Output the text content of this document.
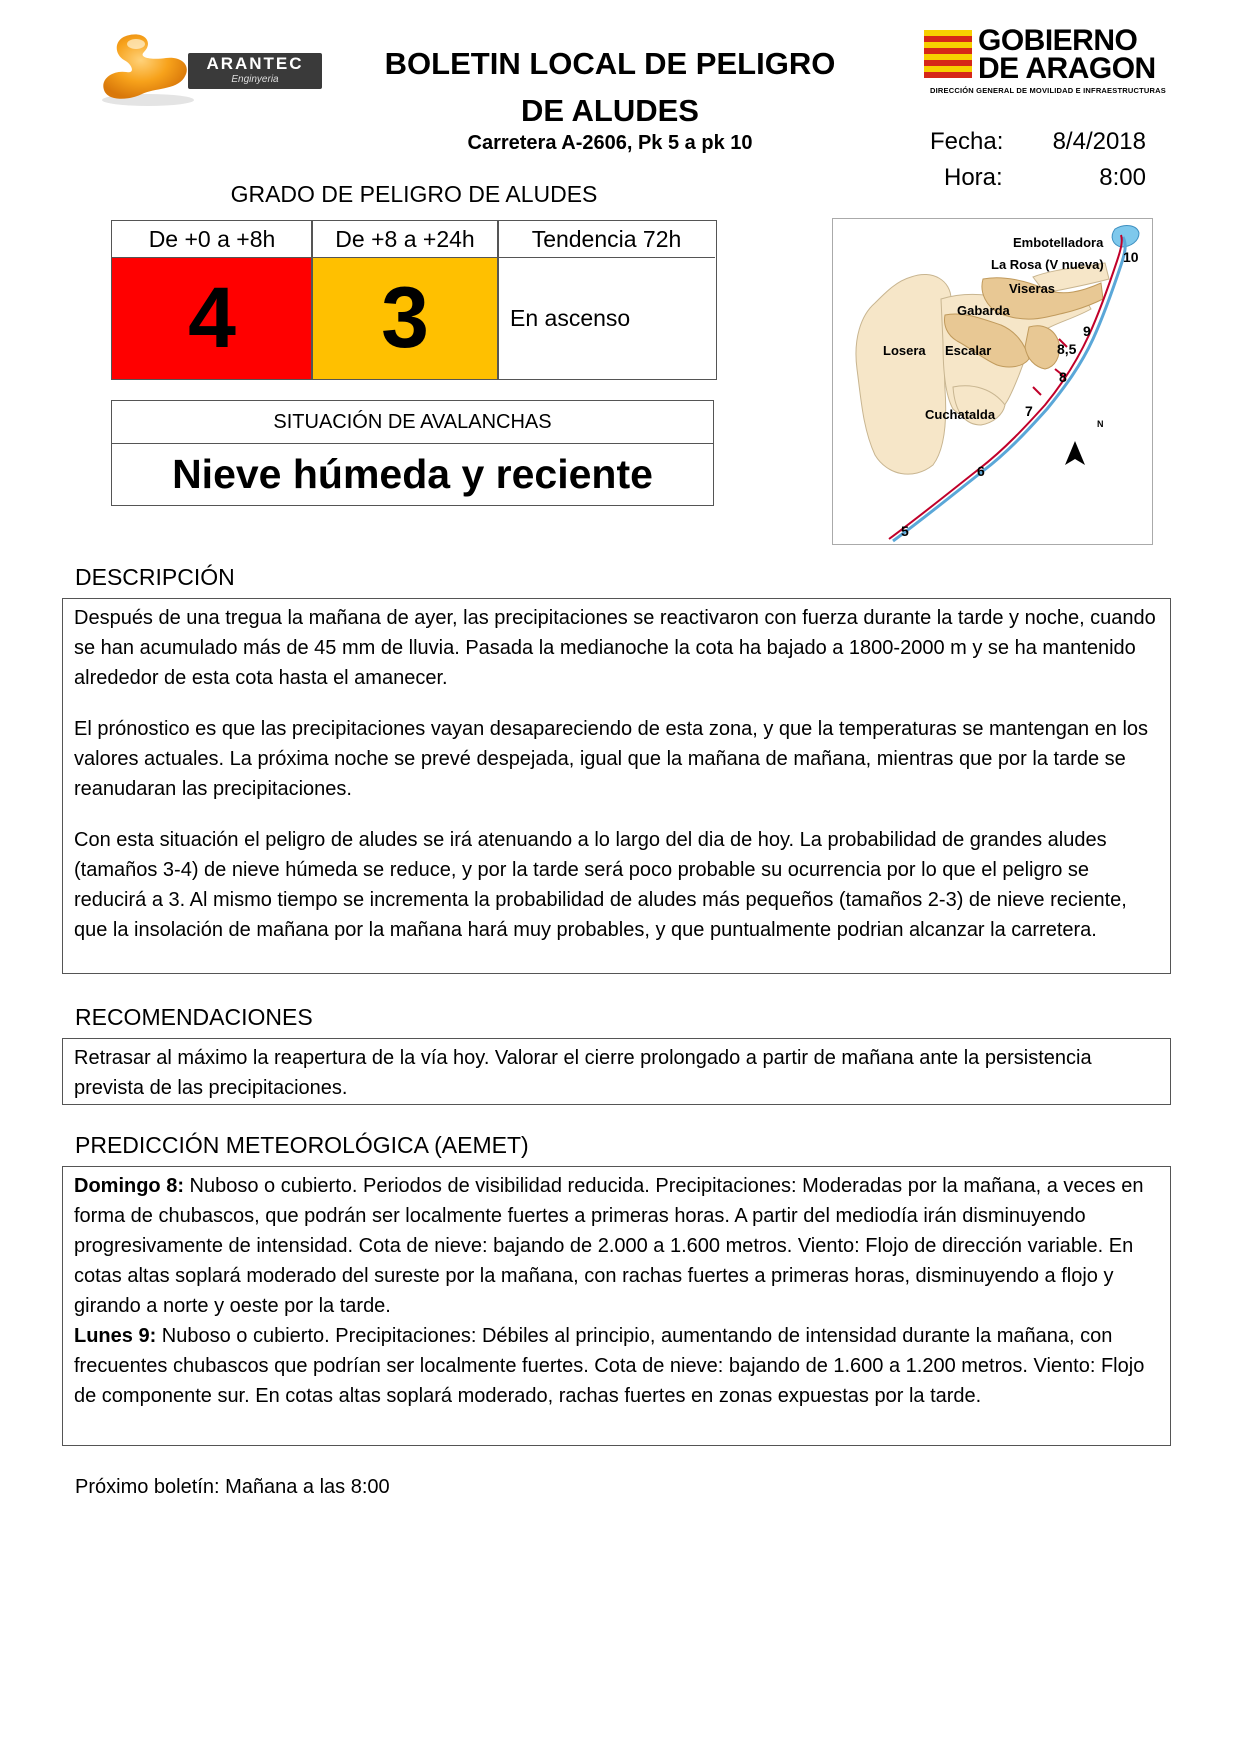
ARANTEC
Enginyeria	BOLETIN LOCAL DE PELIGRO
DE ALUDES
Carretera A-2606, Pk 5 a pk 10
GOBIERNO
DE ARAGON
DIRECCIÓN GENERAL DE MOVILIDAD E INFRAESTRUCTURAS
Fecha:	8/4/2018
Hora:	8:00
GRADO DE PELIGRO DE ALUDES
De +0 a +8h	De +8 a +24h	Tendencia 72h
4	3	En ascenso
SITUACIÓN DE AVALANCHAS
Nieve húmeda y reciente
Embotelladora
La Rosa (V nueva)
Viseras
Gabarda
Losera Escalar
Cuchatalda
N
10
9
8,5
8
7
6
5
DESCRIPCIÓN

Después de una tregua la mañana de ayer, las precipitaciones se reactivaron con fuerza durante la tarde y noche, cuando se han acumulado más de 45 mm de lluvia. Pasada la medianoche la cota ha bajado a 1800-2000 m y se ha mantenido alrededor de esta cota hasta el amanecer.

El prónostico es que las precipitaciones vayan desapareciendo de esta zona, y que la temperaturas se mantengan en los valores actuales. La próxima noche se prevé despejada, igual que la mañana de mañana, mientras que por la tarde se reanudaran las precipitaciones.

Con esta situación el peligro de aludes se irá atenuando a lo largo del dia de hoy. La probabilidad de grandes aludes (tamaños 3-4) de nieve húmeda se reduce, y por la tarde será poco probable su ocurrencia por lo que el peligro se reducirá a 3. Al mismo tiempo se incrementa la probabilidad de aludes más pequeños (tamaños 2-3) de nieve reciente, que la insolación de mañana por la mañana hará muy probables, y que puntualmente podrian alcanzar la carretera.

RECOMENDACIONES

Retrasar al máximo la reapertura de la vía hoy. Valorar el cierre prolongado a partir de mañana ante la persistencia prevista de las precipitaciones.

PREDICCIÓN METEOROLÓGICA (AEMET)

Domingo 8: Nuboso o cubierto. Periodos de visibilidad reducida. Precipitaciones: Moderadas por la mañana, a veces en forma de chubascos, que podrán ser localmente fuertes a primeras horas. A partir del mediodía irán disminuyendo progresivamente de intensidad. Cota de nieve: bajando de 2.000 a 1.600 metros. Viento: Flojo de dirección variable. En cotas altas soplará moderado del sureste por la mañana, con rachas fuertes a primeras horas, disminuyendo a flojo y girando a norte y oeste por la tarde.

Lunes 9: Nuboso o cubierto. Precipitaciones: Débiles al principio, aumentando de intensidad durante la mañana, con frecuentes chubascos que podrían ser localmente fuertes. Cota de nieve: bajando de 1.600 a 1.200 metros. Viento: Flojo de componente sur. En cotas altas soplará moderado, rachas fuertes en zonas expuestas por la tarde.

Próximo boletín: Mañana a las 8:00
